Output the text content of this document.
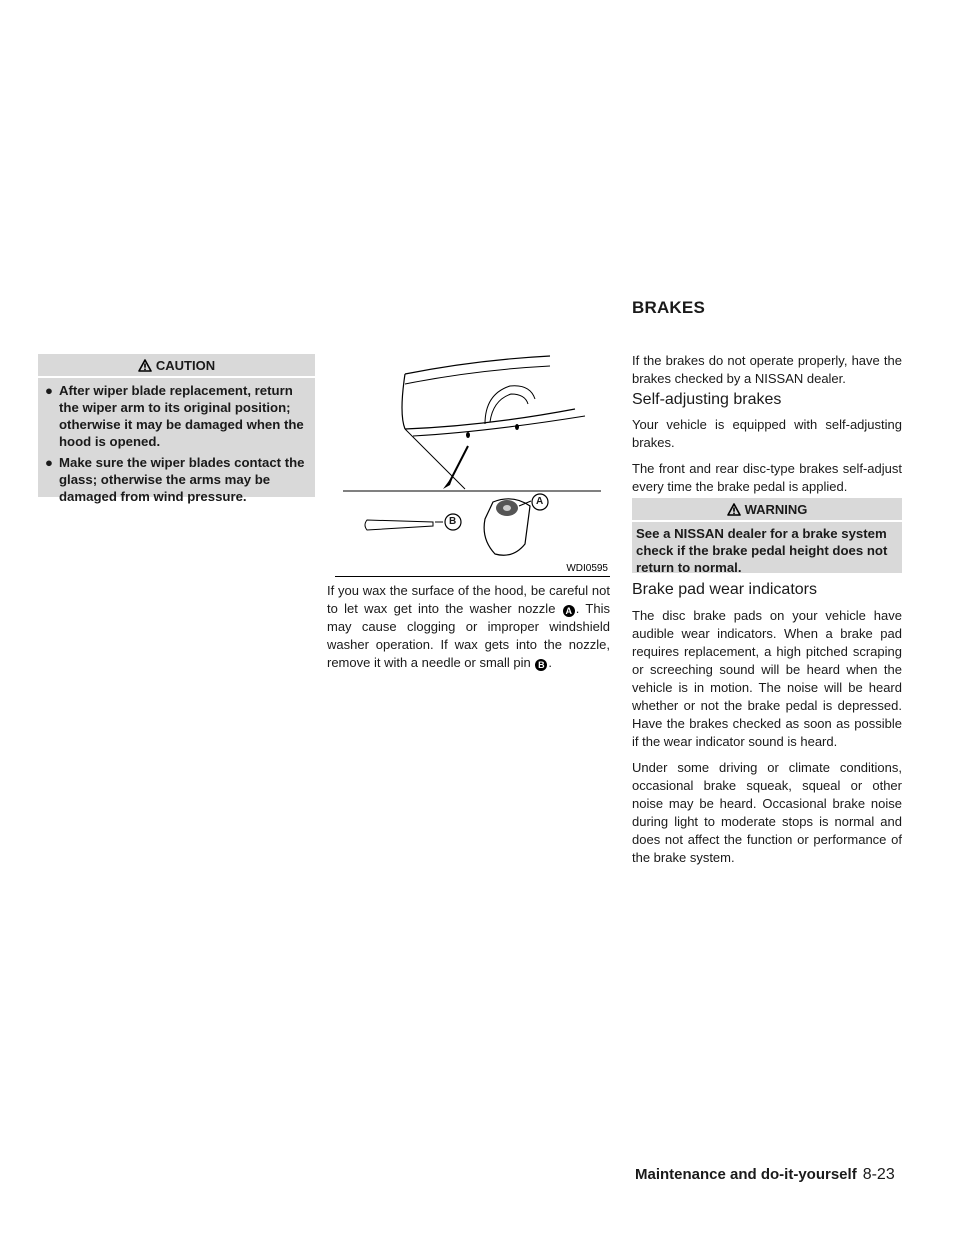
BRAKES
CAUTION
● After wiper blade replacement, return the wiper arm to its original position; otherwise it may be damaged when the hood is opened.
● Make sure the wiper blades contact the glass; otherwise the arms may be damaged from wind pressure.	A
B
WDI0595

If you wax the surface of the hood, be careful not to let wax get into the washer nozzle A . This may cause clogging or improper windshield washer operation. If wax gets into the nozzle, remove it with a needle or small pin B .

If the brakes do not operate properly, have the brakes checked by a NISSAN dealer.

Self-adjusting brakes

Your vehicle is equipped with self-adjusting brakes.

The front and rear disc-type brakes self-adjust every time the brake pedal is applied.

WARNING
See a NISSAN dealer for a brake system check if the brake pedal height does not return to normal.
Brake pad wear indicators

The disc brake pads on your vehicle have audible wear indicators. When a brake pad requires replacement, a high pitched scraping or screeching sound will be heard when the vehicle is in motion. The noise will be heard whether or not the brake pedal is depressed. Have the brakes checked as soon as possible if the wear indicator sound is heard.

Under some driving or climate conditions, occasional brake squeak, squeal or other noise may be heard. Occasional brake noise during light to moderate stops is normal and does not affect the function or performance of the brake system.

Maintenance and do-it-yourself 8-23
